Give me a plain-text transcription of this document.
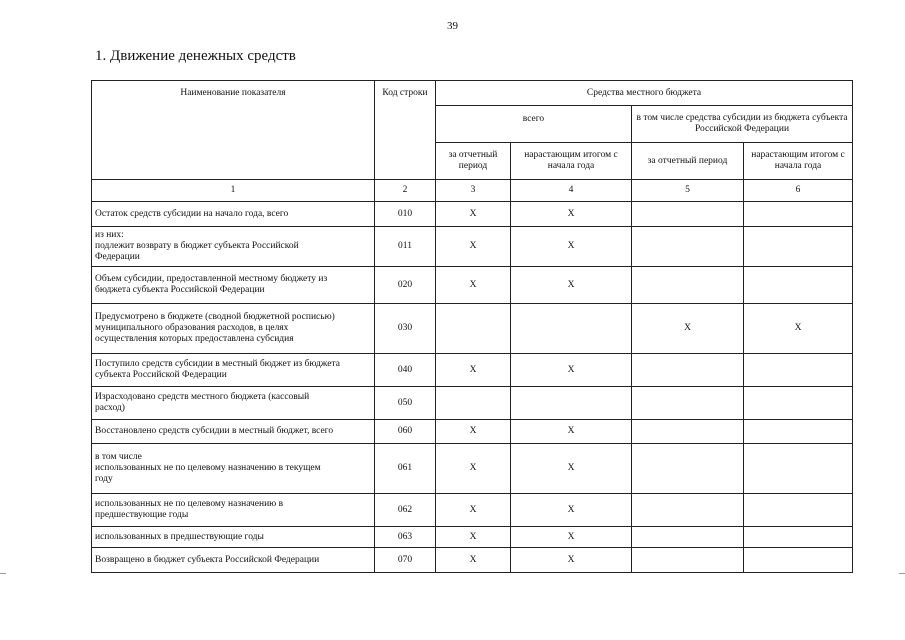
39
1. Движение денежных средств
Наименование показателя	Код строки	Средства местного бюджета			
		всего		в том числе средства субсидии из бюджета субъекта Российской Федерации	
		за отчетный период	нарастающим итогом с начала года	за отчетный период	нарастающим итогом с начала года
1	2	3	4	5	6

Остаток средств субсидии на начало года, всего	010	X	X		

из них:
подлежит возврату в бюджет субъекта Российской
Федерации	011	X	X		

Объем субсидии, предоставленной местному бюджету из
бюджета субъекта Российской Федерации	020	X	X		

Предусмотрено в бюджете (сводной бюджетной росписью)
муниципального образования расходов, в целях
осуществления которых предоставлена субсидия	030			X	X

Поступило средств субсидии в местный бюджет из бюджета
субъекта Российской Федерации	040	X	X		

Израсходовано средств местного бюджета (кассовый
расход)	050				

Восстановлено средств субсидии в местный бюджет, всего	060	X	X		

в том числе
использованных не по целевому назначению в текущем
году	061	X	X		

использованных не по целевому назначению в
предшествующие годы	062	X	X		

использованных в предшествующие годы	063	X	X		

Возвращено в бюджет субъекта Российской Федерации	070	X	X		
